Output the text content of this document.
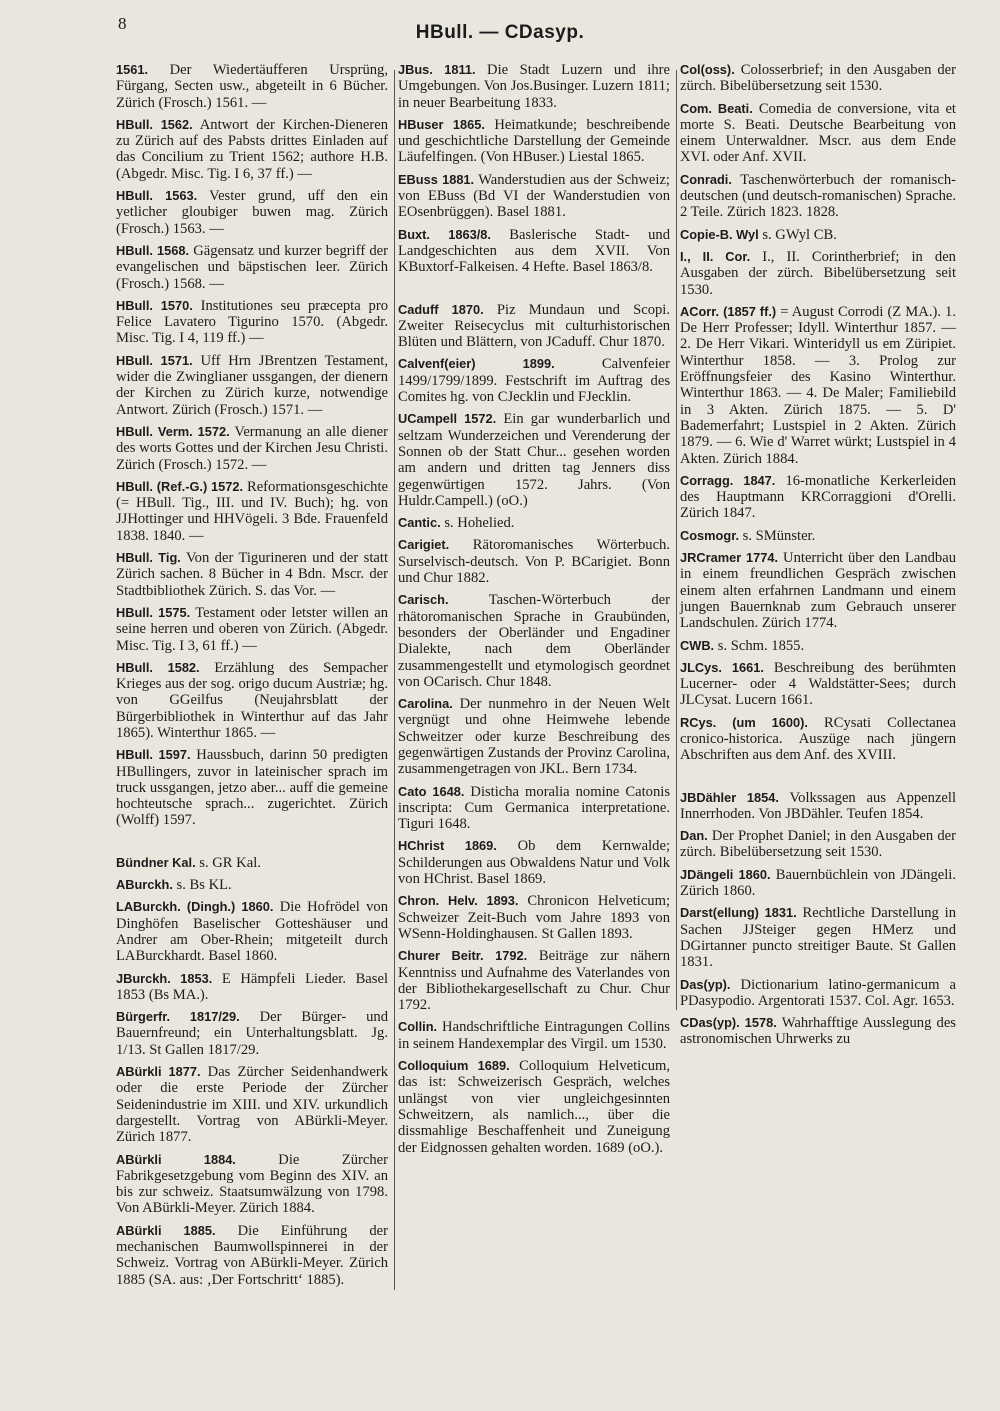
8	HBull. — CDasyp.
1561. Der Wiedertäufferen Ursprüng, Fürgang, Secten usw., abgeteilt in 6 Bücher. Zürich (Frosch.) 1561. —
HBull. 1562. Antwort der Kirchen-Dieneren zu Zürich auf des Pabsts drittes Einladen auf das Concilium zu Trient 1562; authore H.B. (Abgedr. Misc. Tig. I 6, 37 ff.) —
HBull. 1563. Vester grund, uff den ein yetlicher gloubiger buwen mag. Zürich (Frosch.) 1563. —
HBull. 1568. Gägensatz und kurzer begriff der evangelischen und bäpstischen leer. Zürich (Frosch.) 1568. —
HBull. 1570. Institutiones seu præcepta pro Felice Lavatero Tigurino 1570. (Abgedr. Misc. Tig. I 4, 119 ff.) —
HBull. 1571. Uff Hrn JBrentzen Testament, wider die Zwinglianer ussgangen, der dienern der Kirchen zu Zürich kurze, notwendige Antwort. Zürich (Frosch.) 1571. —
HBull. Verm. 1572. Vermanung an alle diener des worts Gottes und der Kirchen Jesu Christi. Zürich (Frosch.) 1572. —
HBull. (Ref.-G.) 1572. Reformationsgeschichte (= HBull. Tig., III. und IV. Buch); hg. von JJHottinger und HHVögeli. 3 Bde. Frauenfeld 1838. 1840. —
HBull. Tig. Von der Tigurineren und der statt Zürich sachen. 8 Bücher in 4 Bdn. Mscr. der Stadtbibliothek Zürich. S. das Vor. —
HBull. 1575. Testament oder letster willen an seine herren und oberen von Zürich. (Abgedr. Misc. Tig. I 3, 61 ff.) —
HBull. 1582. Erzählung des Sempacher Krieges aus der sog. origo ducum Austriæ; hg. von GGeilfus (Neujahrsblatt der Bürgerbibliothek in Winterthur auf das Jahr 1865). Winterthur 1865. —
HBull. 1597. Haussbuch, darinn 50 predigten HBullingers, zuvor in lateinischer sprach im truck ussgangen, jetzo aber... auff die gemeine hochteutsche sprach... zugerichtet. Zürich (Wolff) 1597.
Bündner Kal. s. GR Kal.
ABurckh. s. Bs KL.
LABurckh. (Dingh.) 1860. Die Hofrödel von Dinghöfen Baselischer Gotteshäuser und Andrer am Ober-Rhein; mitgeteilt durch LABurckhardt. Basel 1860.
JBurckh. 1853. E Hämpfeli Lieder. Basel 1853 (Bs MA.).
Bürgerfr. 1817/29. Der Bürger- und Bauernfreund; ein Unterhaltungsblatt. Jg. 1/13. St Gallen 1817/29.
ABürkli 1877. Das Zürcher Seidenhandwerk oder die erste Periode der Zürcher Seidenindustrie im XIII. und XIV. urkundlich dargestellt. Vortrag von ABürkli-Meyer. Zürich 1877.
ABürkli 1884. Die Zürcher Fabrikgesetzgebung vom Beginn des XIV. an bis zur schweiz. Staatsumwälzung von 1798. Von ABürkli-Meyer. Zürich 1884.
ABürkli 1885. Die Einführung der mechanischen Baumwollspinnerei in der Schweiz. Vortrag von ABürkli-Meyer. Zürich 1885 (SA. aus: ‚Der Fortschritt‘ 1885).
JBus. 1811. Die Stadt Luzern und ihre Umgebungen. Von Jos.Businger. Luzern 1811; in neuer Bearbeitung 1833.
HBuser 1865. Heimatkunde; beschreibende und geschichtliche Darstellung der Gemeinde Läufelfingen. (Von HBuser.) Liestal 1865.
EBuss 1881. Wanderstudien aus der Schweiz; von EBuss (Bd VI der Wanderstudien von EOsenbrüggen). Basel 1881.
Buxt. 1863/8. Baslerische Stadt- und Landgeschichten aus dem XVII. Von KBuxtorf-Falkeisen. 4 Hefte. Basel 1863/8.
Caduff 1870. Piz Mundaun und Scopi. Zweiter Reisecyclus mit culturhistorischen Blüten und Blättern, von JCaduff. Chur 1870.
Calvenf(eier) 1899. Calvenfeier 1499/1799/1899. Festschrift im Auftrag des Comites hg. von CJecklin und FJecklin.
UCampell 1572. Ein gar wunderbarlich und seltzam Wunderzeichen und Verenderung der Sonnen ob der Statt Chur... gesehen worden am andern und dritten tag Jenners diss gegenwürtigen 1572. Jahrs. (Von Huldr.Campell.) (oO.)
Cantic. s. Hohelied.
Carigiet. Rätoromanisches Wörterbuch. Surselvisch-deutsch. Von P. BCarigiet. Bonn und Chur 1882.
Carisch. Taschen-Wörterbuch der rhätoromanischen Sprache in Graubünden, besonders der Oberländer und Engadiner Dialekte, nach dem Oberländer zusammengestellt und etymologisch geordnet von OCarisch. Chur 1848.
Carolina. Der nunmehro in der Neuen Welt vergnügt und ohne Heimwehe lebende Schweitzer oder kurze Beschreibung des gegenwärtigen Zustands der Provinz Carolina, zusammengetragen von JKL. Bern 1734.
Cato 1648. Disticha moralia nomine Catonis inscripta: Cum Germanica interpretatione. Tiguri 1648.
HChrist 1869. Ob dem Kernwalde; Schilderungen aus Obwaldens Natur und Volk von HChrist. Basel 1869.
Chron. Helv. 1893. Chronicon Helveticum; Schweizer Zeit-Buch vom Jahre 1893 von WSenn-Holdinghausen. St Gallen 1893.
Churer Beitr. 1792. Beiträge zur nähern Kenntniss und Aufnahme des Vaterlandes von der Bibliothekargesellschaft zu Chur. Chur 1792.
Collin. Handschriftliche Eintragungen Collins in seinem Handexemplar des Virgil. um 1530.
Colloquium 1689. Colloquium Helveticum, das ist: Schweizerisch Gespräch, welches unlängst von vier ungleichgesinnten Schweitzern, als namlich..., über die dissmahlige Beschaffenheit und Zuneigung der Eidgnossen gehalten worden. 1689 (oO.).
Col(oss). Colosserbrief; in den Ausgaben der zürch. Bibelübersetzung seit 1530.
Com. Beati. Comedia de conversione, vita et morte S. Beati. Deutsche Bearbeitung von einem Unterwaldner. Mscr. aus dem Ende XVI. oder Anf. XVII.
Conradi. Taschenwörterbuch der romanisch-deutschen (und deutsch-romanischen) Sprache. 2 Teile. Zürich 1823. 1828.
Copie-B. Wyl s. GWyl CB.
I., II. Cor. I., II. Corintherbrief; in den Ausgaben der zürch. Bibelübersetzung seit 1530.
ACorr. (1857 ff.) = August Corrodi (Z MA.). 1. De Herr Professer; Idyll. Winterthur 1857. — 2. De Herr Vikari. Winteridyll us em Züripiet. Winterthur 1858. — 3. Prolog zur Eröffnungsfeier des Kasino Winterthur. Winterthur 1863. — 4. De Maler; Familiebild in 3 Akten. Zürich 1875. — 5. D' Bademerfahrt; Lustspiel in 2 Akten. Zürich 1879. — 6. Wie d' Warret würkt; Lustspiel in 4 Akten. Zürich 1884.
Corragg. 1847. 16-monatliche Kerkerleiden des Hauptmann KRCorraggioni d'Orelli. Zürich 1847.
Cosmogr. s. SMünster.
JRCramer 1774. Unterricht über den Landbau in einem freundlichen Gespräch zwischen einem alten erfahrnen Landmann und einem jungen Bauernknab zum Gebrauch unserer Landschulen. Zürich 1774.
CWB. s. Schm. 1855.
JLCys. 1661. Beschreibung des berühmten Lucerner- oder 4 Waldstätter-Sees; durch JLCysat. Lucern 1661.
RCys. (um 1600). RCysati Collectanea cronico-historica. Auszüge nach jüngern Abschriften aus dem Anf. des XVIII.
JBDähler 1854. Volkssagen aus Appenzell Innerrhoden. Von JBDähler. Teufen 1854.
Dan. Der Prophet Daniel; in den Ausgaben der zürch. Bibelübersetzung seit 1530.
JDängeli 1860. Bauernbüchlein von JDängeli. Zürich 1860.
Darst(ellung) 1831. Rechtliche Darstellung in Sachen JJSteiger gegen HMerz und DGirtanner puncto streitiger Baute. St Gallen 1831.
Das(yp). Dictionarium latino-germanicum a PDasypodio. Argentorati 1537. Col. Agr. 1653.
CDas(yp). 1578. Wahrhafftige Ausslegung des astronomischen Uhrwerks zu
